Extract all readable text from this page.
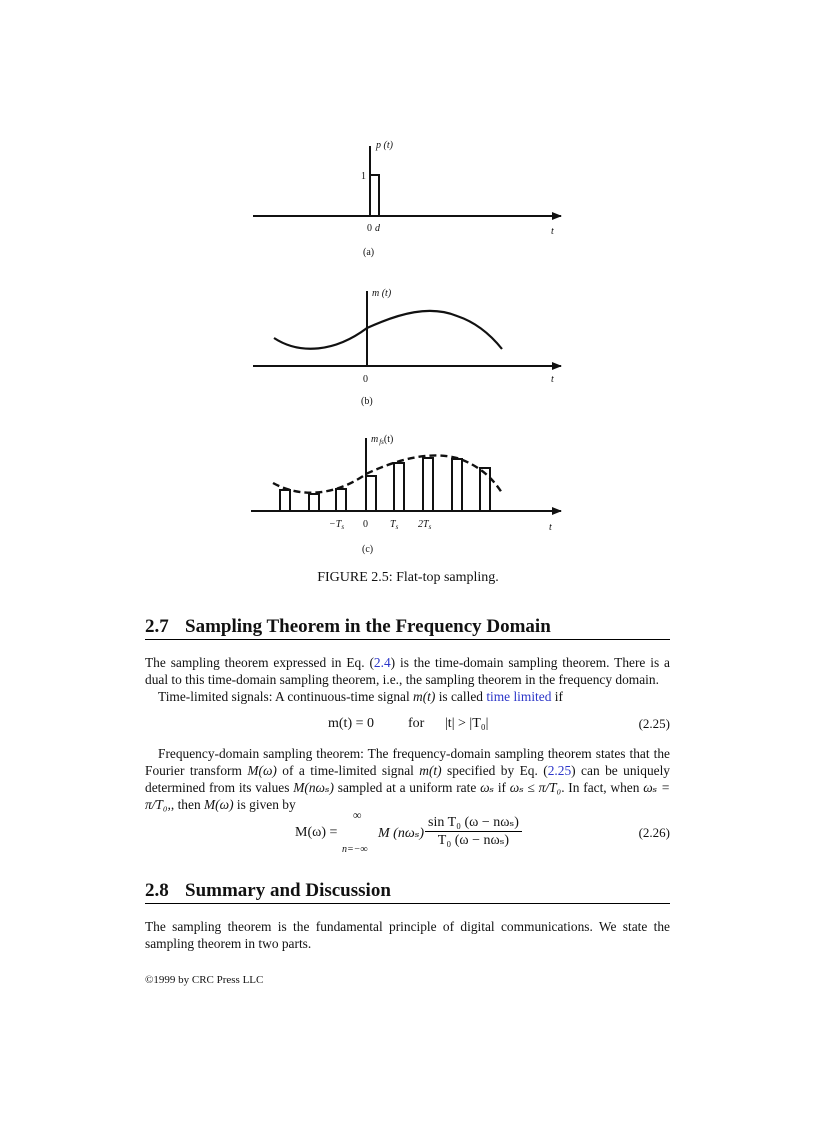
p (t)
1
0 d	t
(a)
m (t)
0	t
(b)
$m_{fs}(t)$
$-T_s$ 0 $T_s$ $2T_s$	t
(c)
FIGURE 2.5: Flat-top sampling.
2.7 Sampling Theorem in the Frequency Domain
The sampling theorem expressed in Eq. (2.4) is the time-domain sampling theorem. There is a dual to this time-domain sampling theorem, i.e., the sampling theorem in the frequency domain.
Time-limited signals: A continuous-time signal m(t) is called time limited if
m(t) = 0 for |t| > |T₀|	(2.25)
Frequency-domain sampling theorem: The frequency-domain sampling theorem states that the Fourier transform M(ω) of a time-limited signal m(t) specified by Eq. (2.25) can be uniquely determined from its values M(nωₛ) sampled at a uniform rate ωₛ if ωₛ ≤ π/T₀. In fact, when ωₛ = π/T₀,, then M(ω) is given by
M(ω) =
∞
n=−∞
M (nωₛ)
sin T₀ (ω − nωₛ)
T₀ (ω − nωₛ)
(2.26)
2.8 Summary and Discussion
The sampling theorem is the fundamental principle of digital communications. We state the sampling theorem in two parts.
©1999 by CRC Press LLC
